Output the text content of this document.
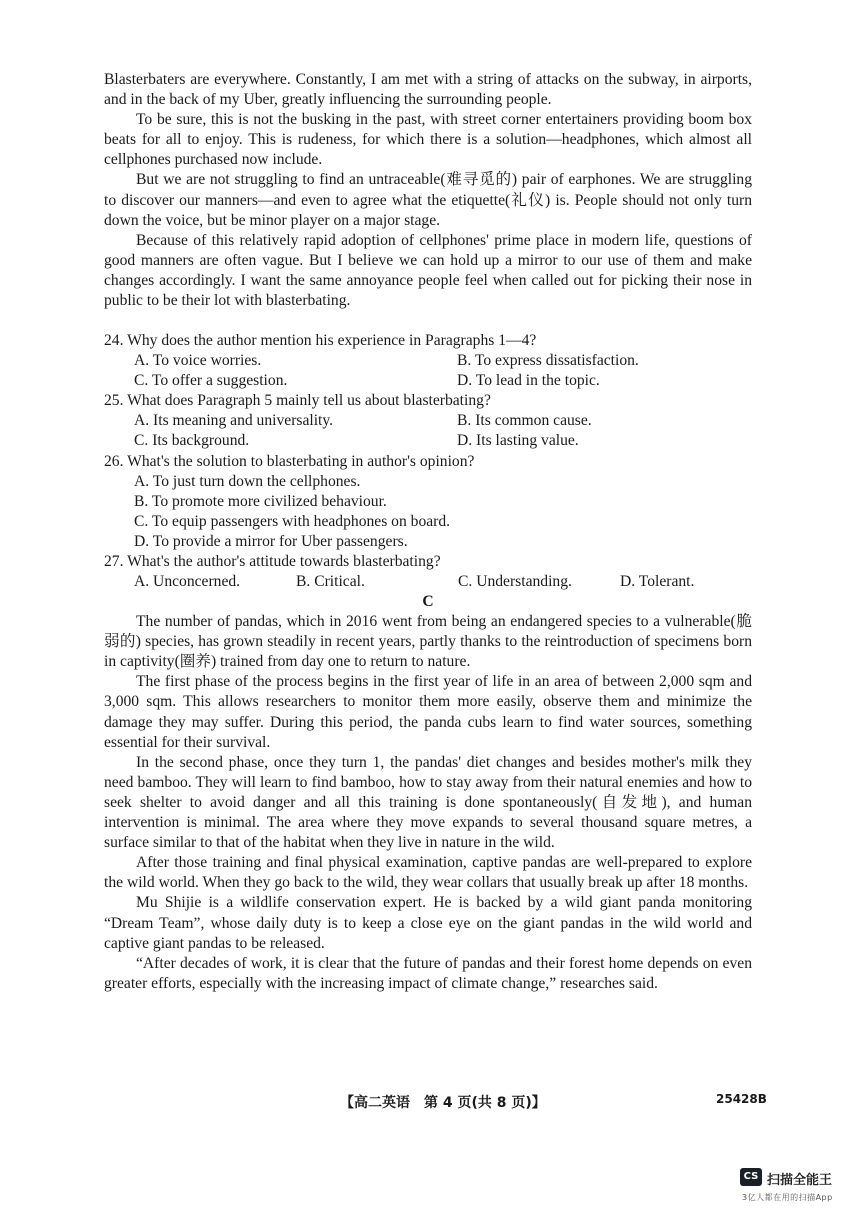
Blasterbaters are everywhere. Constantly, I am met with a string of attacks on the subway, in airports, and in the back of my Uber, greatly influencing the surrounding people.

To be sure, this is not the busking in the past, with street corner entertainers providing boom box beats for all to enjoy. This is rudeness, for which there is a solution—headphones, which almost all cellphones purchased now include.

But we are not struggling to find an untraceable(难寻觅的) pair of earphones. We are struggling to discover our manners—and even to agree what the etiquette(礼仪) is. People should not only turn down the voice, but be minor player on a major stage.

Because of this relatively rapid adoption of cellphones' prime place in modern life, questions of good manners are often vague. But I believe we can hold up a mirror to our use of them and make changes accordingly. I want the same annoyance people feel when called out for picking their nose in public to be their lot with blasterbating.

24. Why does the author mention his experience in Paragraphs 1—4?

A. To voice worries.	B. To express dissatisfaction.
C. To offer a suggestion.	D. To lead in the topic.

25. What does Paragraph 5 mainly tell us about blasterbating?

A. Its meaning and universality.	B. Its common cause.
C. Its background.	D. Its lasting value.

26. What's the solution to blasterbating in author's opinion?

A. To just turn down the cellphones.
B. To promote more civilized behaviour.
C. To equip passengers with headphones on board.
D. To provide a mirror for Uber passengers.

27. What's the author's attitude towards blasterbating?

A. Unconcerned.	B. Critical.	C. Understanding.	D. Tolerant.

C

The number of pandas, which in 2016 went from being an endangered species to a vulnerable(脆弱的) species, has grown steadily in recent years, partly thanks to the reintroduction of specimens born in captivity(圈养) trained from day one to return to nature.

The first phase of the process begins in the first year of life in an area of between 2,000 sqm and 3,000 sqm. This allows researchers to monitor them more easily, observe them and minimize the damage they may suffer. During this period, the panda cubs learn to find water sources, something essential for their survival.

In the second phase, once they turn 1, the pandas' diet changes and besides mother's milk they need bamboo. They will learn to find bamboo, how to stay away from their natural enemies and how to seek shelter to avoid danger and all this training is done spontaneously(自发地), and human intervention is minimal. The area where they move expands to several thousand square metres, a surface similar to that of the habitat when they live in nature in the wild.

After those training and final physical examination, captive pandas are well-prepared to explore the wild world. When they go back to the wild, they wear collars that usually break up after 18 months.

Mu Shijie is a wildlife conservation expert. He is backed by a wild giant panda monitoring “Dream Team”, whose daily duty is to keep a close eye on the giant pandas in the wild world and captive giant pandas to be released.

“After decades of work, it is clear that the future of pandas and their forest home depends on even greater efforts, especially with the increasing impact of climate change,” researches said.

【高二英语　第 4 页(共 8 页)】	25428B
CS 扫描全能王
3亿人都在用的扫描App
